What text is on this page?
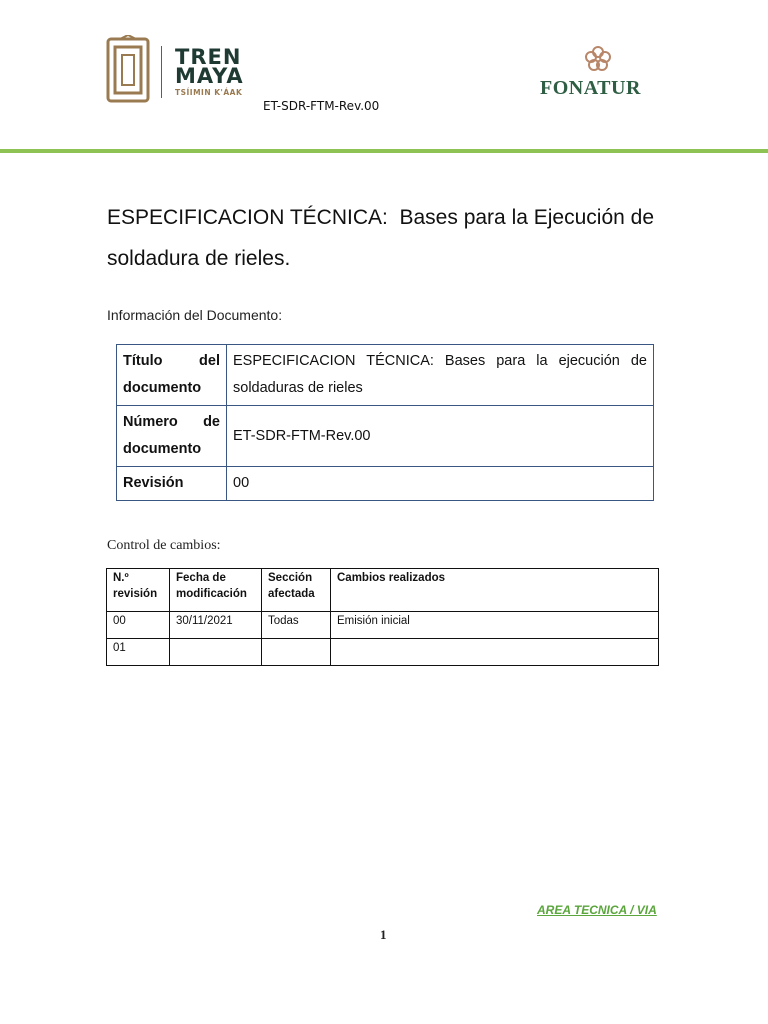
TREN
MAYA
TSÍIMIN K'ÁAK
ET-SDR-FTM-Rev.00
FONATUR
ESPECIFICACION TÉCNICA: Bases para la Ejecución de soldadura de rieles.
Información del Documento:
Título del documento	ESPECIFICACION TÉCNICA: Bases para la ejecución de soldaduras de rieles
Número de documento	ET-SDR-FTM-Rev.00
Revisión	00
Control de cambios:
N.º revisión	Fecha de modificación	Sección afectada	Cambios realizados
00	30/11/2021	Todas	Emisión inicial
01			
AREA TECNICA / VIA
1
